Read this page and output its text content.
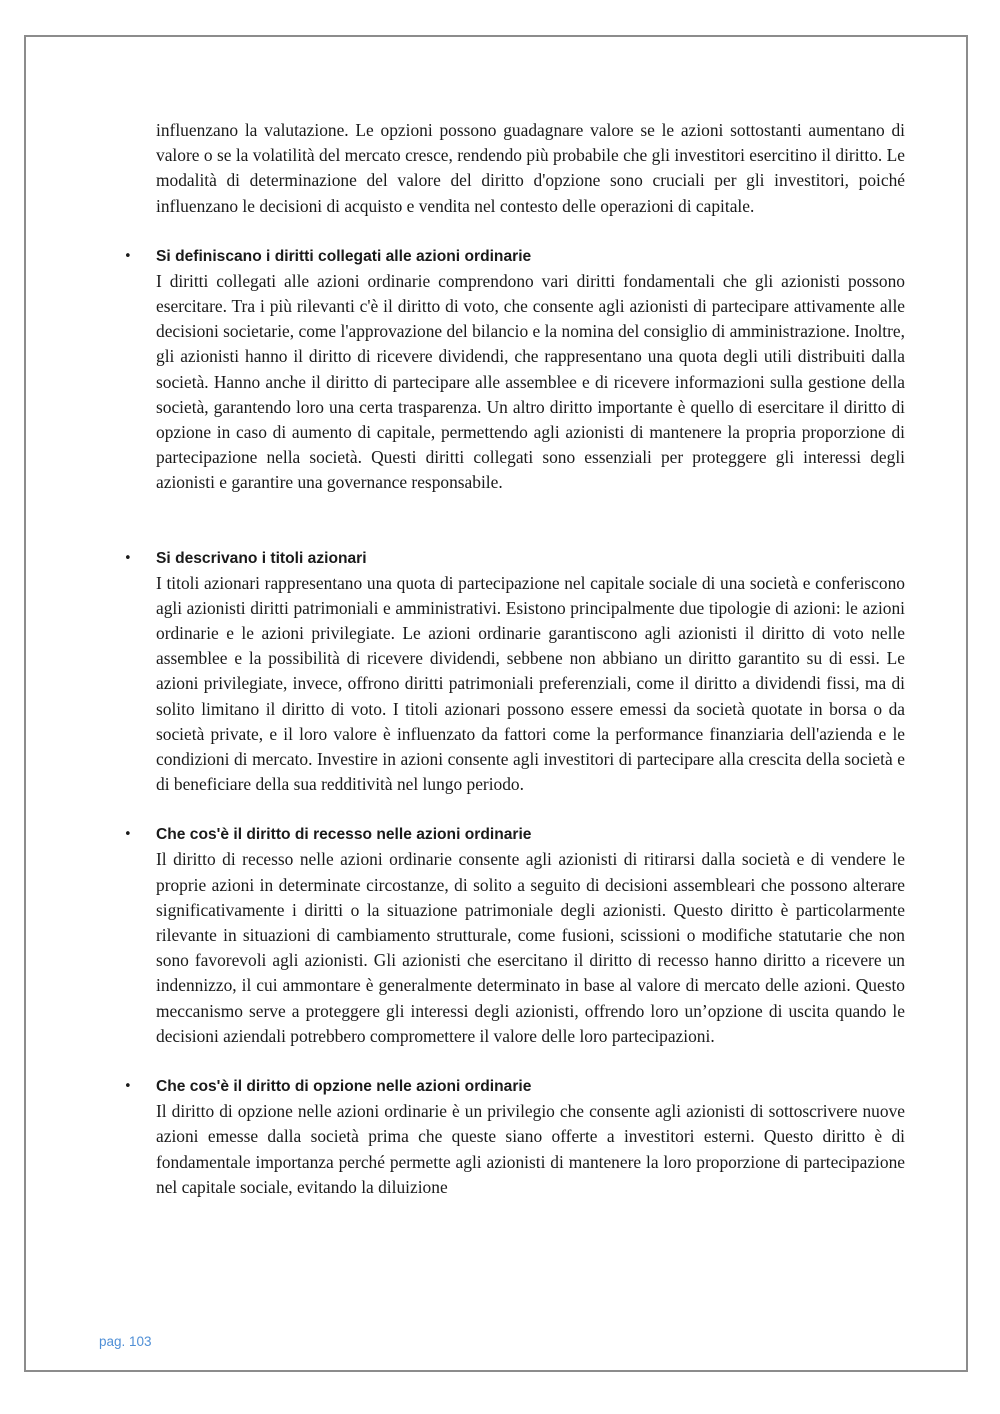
influenzano la valutazione. Le opzioni possono guadagnare valore se le azioni sottostanti aumentano di valore o se la volatilità del mercato cresce, rendendo più probabile che gli investitori esercitino il diritto. Le modalità di determinazione del valore del diritto d'opzione sono cruciali per gli investitori, poiché influenzano le decisioni di acquisto e vendita nel contesto delle operazioni di capitale.

• Si definiscano i diritti collegati alle azioni ordinarie

I diritti collegati alle azioni ordinarie comprendono vari diritti fondamentali che gli azionisti possono esercitare. Tra i più rilevanti c'è il diritto di voto, che consente agli azionisti di partecipare attivamente alle decisioni societarie, come l'approvazione del bilancio e la nomina del consiglio di amministrazione. Inoltre, gli azionisti hanno il diritto di ricevere dividendi, che rappresentano una quota degli utili distribuiti dalla società. Hanno anche il diritto di partecipare alle assemblee e di ricevere informazioni sulla gestione della società, garantendo loro una certa trasparenza. Un altro diritto importante è quello di esercitare il diritto di opzione in caso di aumento di capitale, permettendo agli azionisti di mantenere la propria proporzione di partecipazione nella società. Questi diritti collegati sono essenziali per proteggere gli interessi degli azionisti e garantire una governance responsabile.

• Si descrivano i titoli azionari

I titoli azionari rappresentano una quota di partecipazione nel capitale sociale di una società e conferiscono agli azionisti diritti patrimoniali e amministrativi. Esistono principalmente due tipologie di azioni: le azioni ordinarie e le azioni privilegiate. Le azioni ordinarie garantiscono agli azionisti il diritto di voto nelle assemblee e la possibilità di ricevere dividendi, sebbene non abbiano un diritto garantito su di essi. Le azioni privilegiate, invece, offrono diritti patrimoniali preferenziali, come il diritto a dividendi fissi, ma di solito limitano il diritto di voto. I titoli azionari possono essere emessi da società quotate in borsa o da società private, e il loro valore è influenzato da fattori come la performance finanziaria dell'azienda e le condizioni di mercato. Investire in azioni consente agli investitori di partecipare alla crescita della società e di beneficiare della sua redditività nel lungo periodo.

• Che cos'è il diritto di recesso nelle azioni ordinarie

Il diritto di recesso nelle azioni ordinarie consente agli azionisti di ritirarsi dalla società e di vendere le proprie azioni in determinate circostanze, di solito a seguito di decisioni assembleari che possono alterare significativamente i diritti o la situazione patrimoniale degli azionisti. Questo diritto è particolarmente rilevante in situazioni di cambiamento strutturale, come fusioni, scissioni o modifiche statutarie che non sono favorevoli agli azionisti. Gli azionisti che esercitano il diritto di recesso hanno diritto a ricevere un indennizzo, il cui ammontare è generalmente determinato in base al valore di mercato delle azioni. Questo meccanismo serve a proteggere gli interessi degli azionisti, offrendo loro un’opzione di uscita quando le decisioni aziendali potrebbero compromettere il valore delle loro partecipazioni.

• Che cos'è il diritto di opzione nelle azioni ordinarie

Il diritto di opzione nelle azioni ordinarie è un privilegio che consente agli azionisti di sottoscrivere nuove azioni emesse dalla società prima che queste siano offerte a investitori esterni. Questo diritto è di fondamentale importanza perché permette agli azionisti di mantenere la loro proporzione di partecipazione nel capitale sociale, evitando la diluizione

pag. 103
